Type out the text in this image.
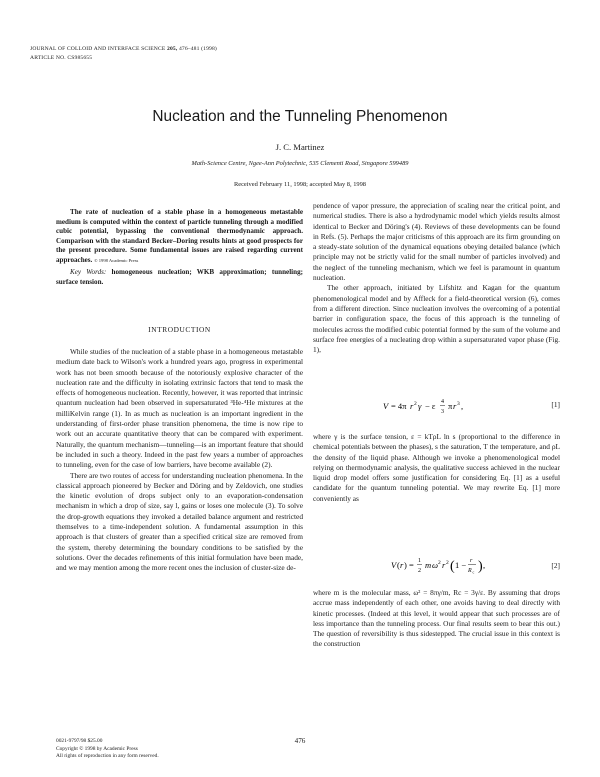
JOURNAL OF COLLOID AND INTERFACE SCIENCE 205, 476–481 (1998)
ARTICLE NO. CS985655
Nucleation and the Tunneling Phenomenon
J. C. Martinez
Math-Science Centre, Ngee-Ann Polytechnic, 535 Clementi Road, Singapore 599489
Received February 11, 1998; accepted May 8, 1998

The rate of nucleation of a stable phase in a homogeneous metastable medium is computed within the context of particle tunneling through a modified cubic potential, bypassing the conventional thermodynamic approach. Comparison with the standard Becker–Doring results hints at good prospects for the present procedure. Some fundamental issues are raised regarding current approaches. © 1998 Academic Press

Key Words: homogeneous nucleation; WKB approximation; tunneling; surface tension.

INTRODUCTION

While studies of the nucleation of a stable phase in a homogeneous metastable medium date back to Wilson's work a hundred years ago, progress in experimental work has not been smooth because of the notoriously explosive character of the nucleation rate and the difficulty in isolating extrinsic factors that tend to mask the effects of homogeneous nucleation. Recently, however, it was reported that intrinsic quantum nucleation had been observed in supersaturated ³He-⁴He mixtures at the milliKelvin range (1). In as much as nucleation is an important ingredient in the understanding of first-order phase transition phenomena, the time is now ripe to work out an accurate quantitative theory that can be compared with experiment. Naturally, the quantum mechanism—tunneling—is an important feature that should be included in such a theory. Indeed in the past few years a number of approaches to tunneling, even for the case of low barriers, have become available (2).

There are two routes of access for understanding nucleation phenomena. In the classical approach pioneered by Becker and Döring and by Zeldovich, one studies the kinetic evolution of drops subject only to an evaporation-condensation mechanism in which a drop of size, say l, gains or loses one molecule (3). To solve the drop-growth equations they invoked a detailed balance argument and restricted themselves to a time-independent solution. A fundamental assumption in this approach is that clusters of greater than a specified critical size are removed from the system, thereby determining the boundary conditions to be satisfied by the solutions. Over the decades refinements of this initial formulation have been made, and we may mention among the more recent ones the inclusion of cluster-size de-

pendence of vapor pressure, the appreciation of scaling near the critical point, and numerical studies. There is also a hydrodynamic model which yields results almost identical to Becker and Döring's (4). Reviews of these developments can be found in Refs. (5). Perhaps the major criticisms of this approach are its firm grounding on a steady-state solution of the dynamical equations obeying detailed balance (which principle may not be strictly valid for the small number of particles involved) and the neglect of the tunneling mechanism, which we feel is paramount in quantum nucleation.

The other approach, initiated by Lifshitz and Kagan for the quantum phenomenological model and by Affleck for a field-theoretical version (6), comes from a different direction. Since nucleation involves the overcoming of a potential barrier in configuration space, the focus of this approach is the tunneling of molecules across the modified cubic potential formed by the sum of the volume and surface free energies of a nucleating drop within a supersaturated vapor phase (Fig. 1),

V = 4π r 2 γ − ε 4
3
π r 3 ,	[1]

where γ is the surface tension, ε = kTρL ln s (proportional to the difference in chemical potentials between the phases), s the saturation, T the temperature, and ρL the density of the liquid phase. Although we invoke a phenomenological model relying on thermodynamic analysis, the qualitative success achieved in the nuclear liquid drop model offers some justification for considering Eq. [1] as a useful candidate for the quantum tunneling potential. We may rewrite Eq. [1] more conveniently as

V ( r ) = 1
2
m ω 2 r 2 ( 1 − r
R c ) ,	[2]

where m is the molecular mass, ω² = 8πγ/m, Rc = 3γ/ε. By assuming that drops accrue mass independently of each other, one avoids having to deal directly with kinetic processes. (Indeed at this level, it would appear that such processes are of less importance than the tunneling process. Our final results seem to bear this out.) The question of reversibility is thus sidestepped. The crucial issue in this context is the construction

476
0021-9797/98 $25.00
Copyright © 1998 by Academic Press
All rights of reproduction in any form reserved.
